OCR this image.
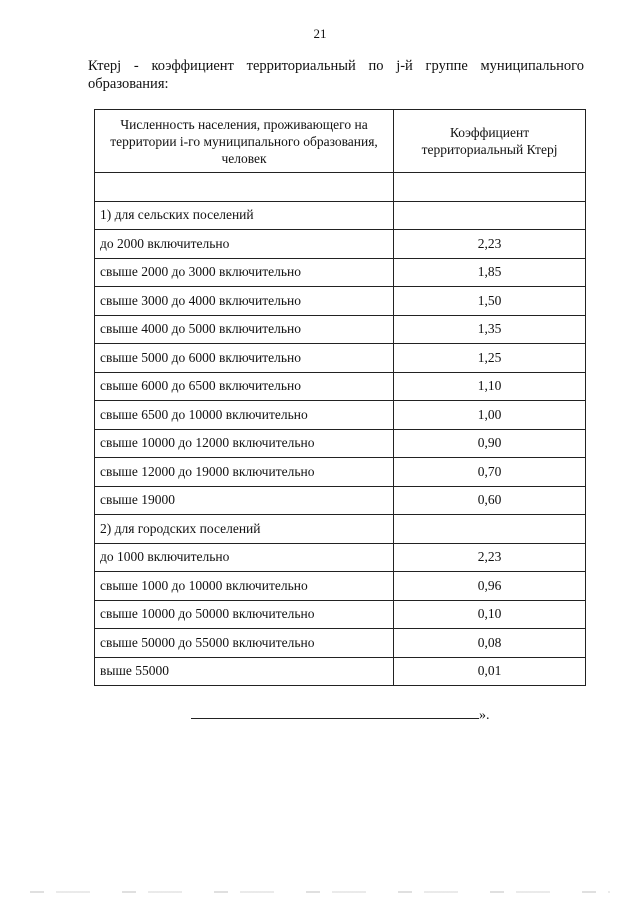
21
Ктерj - коэффициент территориальный по j-й группе муниципального образования:
Численность населения, проживающего на территории i-го муниципального образования, человек	Коэффициент территориальный Ктерj

1) для сельских поселений	
до 2000 включительно	2,23
свыше 2000 до 3000 включительно	1,85
свыше 3000 до 4000 включительно	1,50
свыше 4000 до 5000 включительно	1,35
свыше 5000 до 6000 включительно	1,25
свыше 6000 до 6500 включительно	1,10
свыше 6500 до 10000 включительно	1,00
свыше 10000 до 12000 включительно	0,90
свыше 12000 до 19000 включительно	0,70
свыше 19000	0,60
2) для городских поселений	
до 1000 включительно	2,23
свыше 1000 до 10000 включительно	0,96
свыше 10000 до 50000 включительно	0,10
свыше 50000 до 55000 включительно	0,08
выше 55000	0,01
».
